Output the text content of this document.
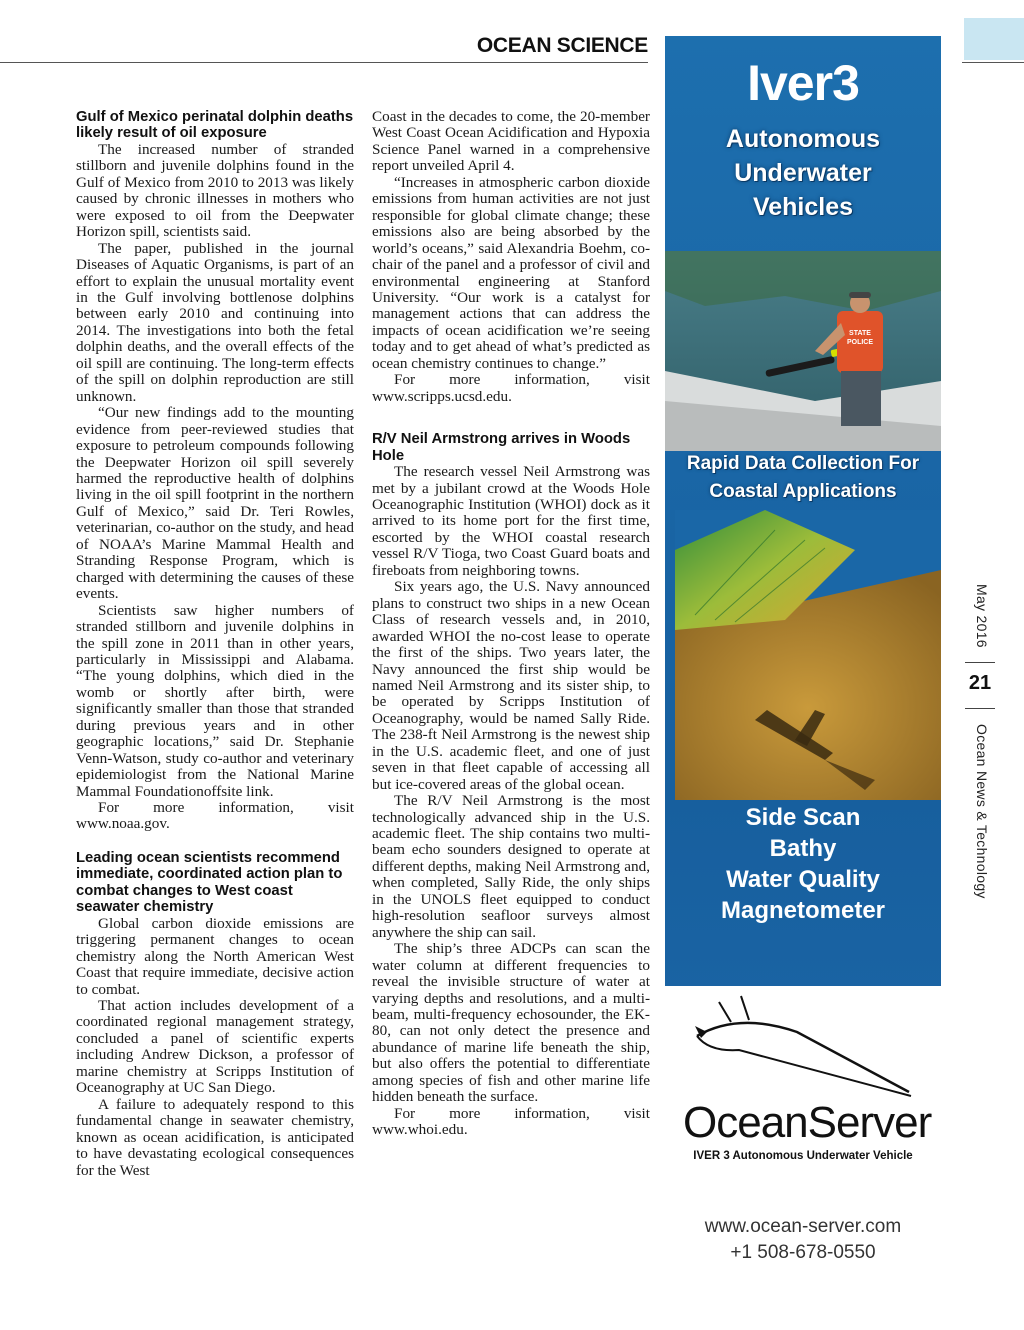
OCEAN SCIENCE
Gulf of Mexico perinatal dolphin deaths likely result of oil exposure

The increased number of stranded stillborn and juvenile dolphins found in the Gulf of Mexico from 2010 to 2013 was likely caused by chronic illnesses in mothers who were exposed to oil from the Deepwater Horizon spill, scientists said.

The paper, published in the journal Diseases of Aquatic Organisms, is part of an effort to explain the unusual mortality event in the Gulf involving bottlenose dolphins between early 2010 and continuing into 2014. The investigations into both the fetal dolphin deaths, and the overall effects of the oil spill are continuing. The long-term effects of the spill on dolphin reproduction are still unknown.

“Our new findings add to the mounting evidence from peer-reviewed studies that exposure to petroleum compounds following the Deepwater Horizon oil spill severely harmed the reproductive health of dolphins living in the oil spill footprint in the northern Gulf of Mexico,” said Dr. Teri Rowles, veterinarian, co-author on the study, and head of NOAA’s Marine Mammal Health and Stranding Response Program, which is charged with determining the causes of these events.

Scientists saw higher numbers of stranded stillborn and juvenile dolphins in the spill zone in 2011 than in other years, particularly in Mississippi and Alabama. “The young dolphins, which died in the womb or shortly after birth, were significantly smaller than those that stranded during previous years and in other geographic locations,” said Dr. Stephanie Venn-Watson, study co-author and veterinary epidemiologist from the National Marine Mammal Foundationoffsite link.

For more information, visit www.noaa.gov.

Leading ocean scientists recommend immediate, coordinated action plan to combat changes to West coast seawater chemistry

Global carbon dioxide emissions are triggering permanent changes to ocean chemistry along the North American West Coast that require immediate, decisive action to combat.

That action includes development of a coordinated regional management strategy, concluded a panel of scientific experts including Andrew Dickson, a professor of marine chemistry at Scripps Institution of Oceanography at UC San Diego.

A failure to adequately respond to this fundamental change in seawater chemistry, known as ocean acidification, is anticipated to have devastating ecological consequences for the West

Coast in the decades to come, the 20-member West Coast Ocean Acidification and Hypoxia Science Panel warned in a comprehensive report unveiled April 4.

“Increases in atmospheric carbon dioxide emissions from human activities are not just responsible for global climate change; these emissions also are being absorbed by the world’s oceans,” said Alexandria Boehm, co-chair of the panel and a professor of civil and environmental engineering at Stanford University. “Our work is a catalyst for management actions that can address the impacts of ocean acidification we’re seeing today and to get ahead of what’s predicted as ocean chemistry continues to change.”

For more information, visit www.scripps.ucsd.edu.

R/V Neil Armstrong arrives in Woods Hole

The research vessel Neil Armstrong was met by a jubilant crowd at the Woods Hole Oceanographic Institution (WHOI) dock as it arrived to its home port for the first time, escorted by the WHOI coastal research vessel R/V Tioga, two Coast Guard boats and fireboats from neighboring towns.

Six years ago, the U.S. Navy announced plans to construct two ships in a new Ocean Class of research vessels and, in 2010, awarded WHOI the no-cost lease to operate the first of the ships. Two years later, the Navy announced the first ship would be named Neil Armstrong and its sister ship, to be operated by Scripps Institution of Oceanography, would be named Sally Ride. The 238-ft Neil Armstrong is the newest ship in the U.S. academic fleet, and one of just seven in that fleet capable of accessing all but ice-covered areas of the global ocean.

The R/V Neil Armstrong is the most technologically advanced ship in the U.S. academic fleet. The ship contains two multi-beam echo sounders designed to operate at different depths, making Neil Armstrong and, when completed, Sally Ride, the only ships in the UNOLS fleet equipped to conduct high-resolution seafloor surveys almost anywhere the ship can sail.

The ship’s three ADCPs can scan the water column at different frequencies to reveal the invisible structure of water at varying depths and resolutions, and a multi-beam, multi-frequency echosounder, the EK-80, can not only detect the presence and abundance of marine life beneath the ship, but also offers the potential to differentiate among species of fish and other marine life hidden beneath the surface.

For more information, visit www.whoi.edu.

Iver3
Autonomous
Underwater
Vehicles
STATE POLICE
Rapid Data Collection For
Coastal Applications
Side Scan
Bathy
Water Quality
Magnetometer
OceanServer
IVER 3 Autonomous Underwater Vehicle
www.ocean-server.com
+1 508-678-0550
May 2016
21
Ocean News & Technology
